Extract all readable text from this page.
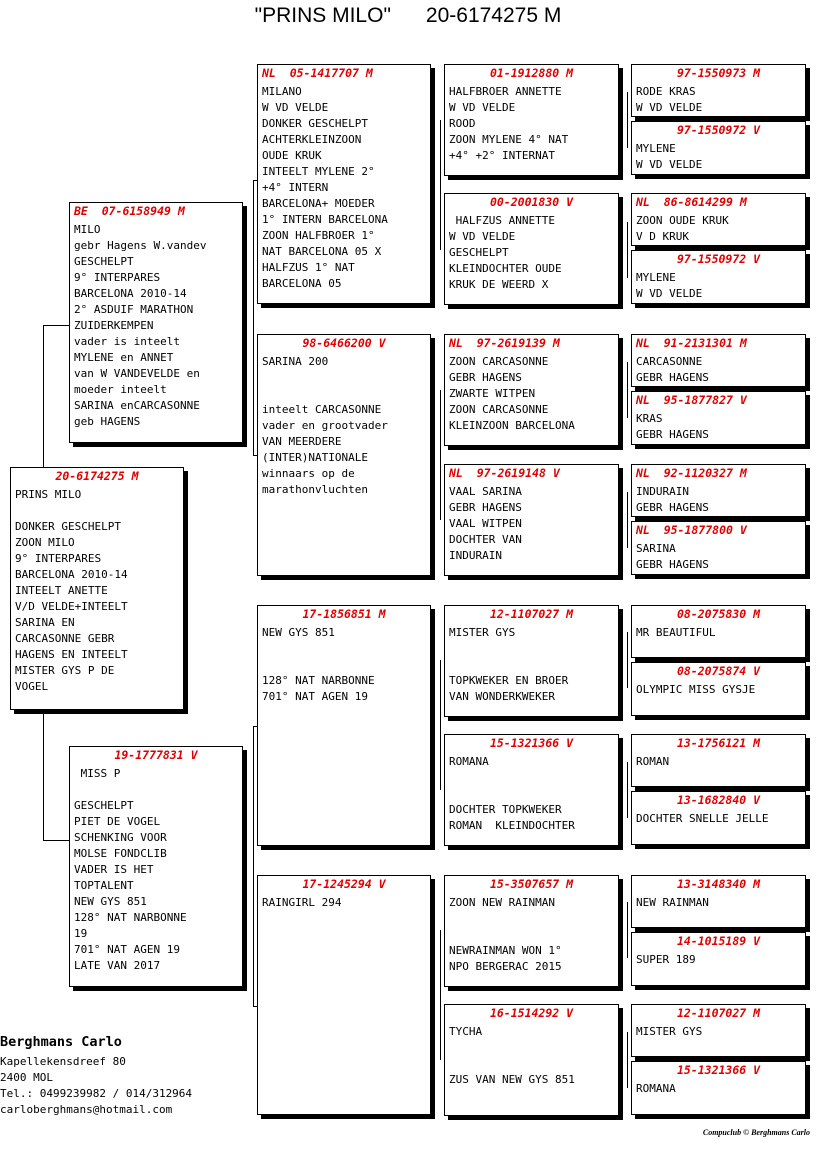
"PRINS MILO"      20-6174275 M
20-6174275 M
PRINS MILO

DONKER GESCHELPT
ZOON MILO
9° INTERPARES
BARCELONA 2010-14
INTEELT ANETTE
V/D VELDE+INTEELT
SARINA EN
CARCASONNE GEBR
HAGENS EN INTEELT
MISTER GYS P DE
VOGEL
BE  07-6158949 M
MILO
gebr Hagens W.vandev
GESCHELPT
9° INTERPARES
BARCELONA 2010-14
2° ASDUIF MARATHON
ZUIDERKEMPEN
vader is inteelt
MYLENE en ANNET
van W VANDEVELDE en
moeder inteelt
SARINA enCARCASONNE
geb HAGENS
19-1777831 V
MISS P

GESCHELPT
PIET DE VOGEL
SCHENKING VOOR
MOLSE FONDCLIB
VADER IS HET
TOPTALENT
NEW GYS 851
128° NAT NARBONNE
19
701° NAT AGEN 19
LATE VAN 2017
NL  05-1417707 M
MILANO
W VD VELDE
DONKER GESCHELPT
ACHTERKLEINZOON
OUDE KRUK
INTEELT MYLENE 2°
+4° INTERN
BARCELONA+ MOEDER
1° INTERN BARCELONA
ZOON HALFBROER 1°
NAT BARCELONA 05 X
HALFZUS 1° NAT
BARCELONA 05
98-6466200 V
SARINA 200

inteelt CARCASONNE
vader en grootvader
VAN MEERDERE
(INTER)NATIONALE
winnaars op de
marathonvluchten
17-1856851 M
NEW GYS 851

128° NAT NARBONNE
701° NAT AGEN 19
17-1245294 V
RAINGIRL 294
01-1912880 M
HALFBROER ANNETTE
W VD VELDE
ROOD
ZOON MYLENE 4° NAT
+4° +2° INTERNAT
00-2001830 V
HALFZUS ANNETTE
W VD VELDE
GESCHELPT
KLEINDOCHTER OUDE
KRUK DE WEERD X
NL  97-2619139 M
ZOON CARCASONNE
GEBR HAGENS
ZWARTE WITPEN
ZOON CARCASONNE
KLEINZOON BARCELONA
NL  97-2619148 V
VAAL SARINA
GEBR HAGENS
VAAL WITPEN
DOCHTER VAN
INDURAIN
12-1107027 M
MISTER GYS

TOPKWEKER EN BROER
VAN WONDERKWEKER
15-1321366 V
ROMANA

DOCHTER TOPKWEKER
ROMAN  KLEINDOCHTER
15-3507657 M
ZOON NEW RAINMAN

NEWRAINMAN WON 1°
NPO BERGERAC 2015
16-1514292 V
TYCHA

ZUS VAN NEW GYS 851
97-1550973 M
RODE KRAS
W VD VELDE
97-1550972 V
MYLENE
W VD VELDE
NL  86-8614299 M
ZOON OUDE KRUK
V D KRUK
97-1550972 V
MYLENE
W VD VELDE
NL  91-2131301 M
CARCASONNE
GEBR HAGENS
NL  95-1877827 V
KRAS
GEBR HAGENS
NL  92-1120327 M
INDURAIN
GEBR HAGENS
NL  95-1877800 V
SARINA
GEBR HAGENS
08-2075830 M
MR BEAUTIFUL
08-2075874 V
OLYMPIC MISS GYSJE
13-1756121 M
ROMAN
13-1682840 V
DOCHTER SNELLE JELLE
13-3148340 M
NEW RAINMAN
14-1015189 V
SUPER 189
12-1107027 M
MISTER GYS
15-1321366 V
ROMANA
Berghmans Carlo
Kapellekensdreef 80
2400 MOL
Tel.: 0499239982 / 014/312964
carloberghmans@hotmail.com
Compuclub © Berghmans Carlo
